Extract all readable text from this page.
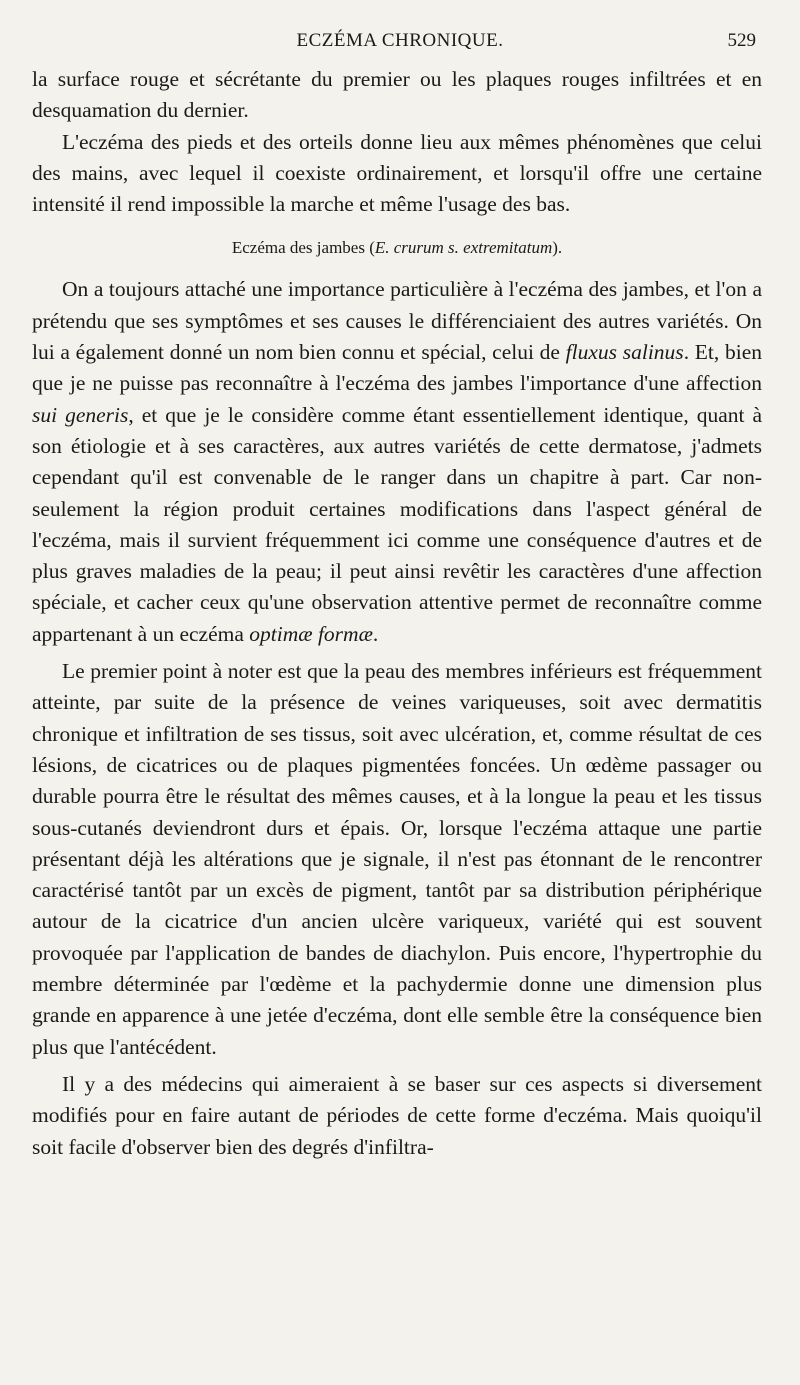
ECZÉMA CHRONIQUE.	529

la surface rouge et sécrétante du premier ou les plaques rouges infiltrées et en desquamation du dernier.

L'eczéma des pieds et des orteils donne lieu aux mêmes phénomènes que celui des mains, avec lequel il coexiste ordinairement, et lorsqu'il offre une certaine intensité il rend impossible la marche et même l'usage des bas.

Eczéma des jambes (E. crurum s. extremitatum).

On a toujours attaché une importance particulière à l'eczéma des jambes, et l'on a prétendu que ses symptômes et ses causes le différenciaient des autres variétés. On lui a également donné un nom bien connu et spécial, celui de fluxus salinus. Et, bien que je ne puisse pas reconnaître à l'eczéma des jambes l'importance d'une affection sui generis, et que je le considère comme étant essentiellement identique, quant à son étiologie et à ses caractères, aux autres variétés de cette dermatose, j'admets cependant qu'il est convenable de le ranger dans un chapitre à part. Car non-seulement la région produit certaines modifications dans l'aspect général de l'eczéma, mais il survient fréquemment ici comme une conséquence d'autres et de plus graves maladies de la peau; il peut ainsi revêtir les caractères d'une affection spéciale, et cacher ceux qu'une observation attentive permet de reconnaître comme appartenant à un eczéma optimæ formæ.

Le premier point à noter est que la peau des membres inférieurs est fréquemment atteinte, par suite de la présence de veines variqueuses, soit avec dermatitis chronique et infiltration de ses tissus, soit avec ulcération, et, comme résultat de ces lésions, de cicatrices ou de plaques pigmentées foncées. Un œdème passager ou durable pourra être le résultat des mêmes causes, et à la longue la peau et les tissus sous-cutanés deviendront durs et épais. Or, lorsque l'eczéma attaque une partie présentant déjà les altérations que je signale, il n'est pas étonnant de le rencontrer caractérisé tantôt par un excès de pigment, tantôt par sa distribution périphérique autour de la cicatrice d'un ancien ulcère variqueux, variété qui est souvent provoquée par l'application de bandes de diachylon. Puis encore, l'hypertrophie du membre déterminée par l'œdème et la pachydermie donne une dimension plus grande en apparence à une jetée d'eczéma, dont elle semble être la conséquence bien plus que l'antécédent.

Il y a des médecins qui aimeraient à se baser sur ces aspects si diversement modifiés pour en faire autant de périodes de cette forme d'eczéma. Mais quoiqu'il soit facile d'observer bien des degrés d'infiltra-
